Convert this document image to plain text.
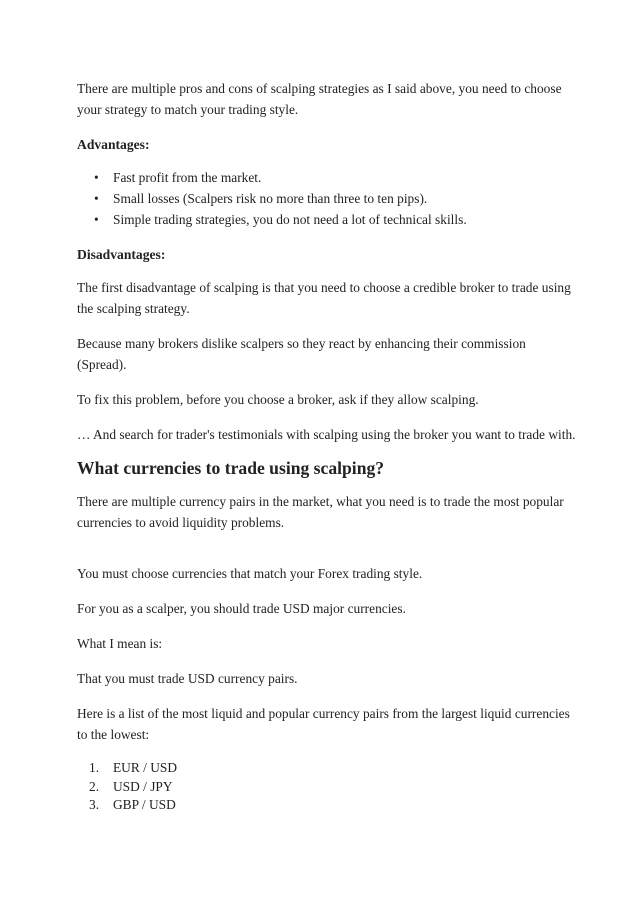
There are multiple pros and cons of scalping strategies as I said above, you need to choose your strategy to match your trading style.

Advantages:

• Fast profit from the market.
• Small losses (Scalpers risk no more than three to ten pips).
• Simple trading strategies, you do not need a lot of technical skills.

Disadvantages:

The first disadvantage of scalping is that you need to choose a credible broker to trade using the scalping strategy.

Because many brokers dislike scalpers so they react by enhancing their commission (Spread).

To fix this problem, before you choose a broker, ask if they allow scalping.

… And search for trader's testimonials with scalping using the broker you want to trade with.

What currencies to trade using scalping?

There are multiple currency pairs in the market, what you need is to trade the most popular currencies to avoid liquidity problems.

You must choose currencies that match your Forex trading style.

For you as a scalper, you should trade USD major currencies.

What I mean is:

That you must trade USD currency pairs.

Here is a list of the most liquid and popular currency pairs from the largest liquid currencies to the lowest:

1. EUR / USD
2. USD / JPY
3. GBP / USD
